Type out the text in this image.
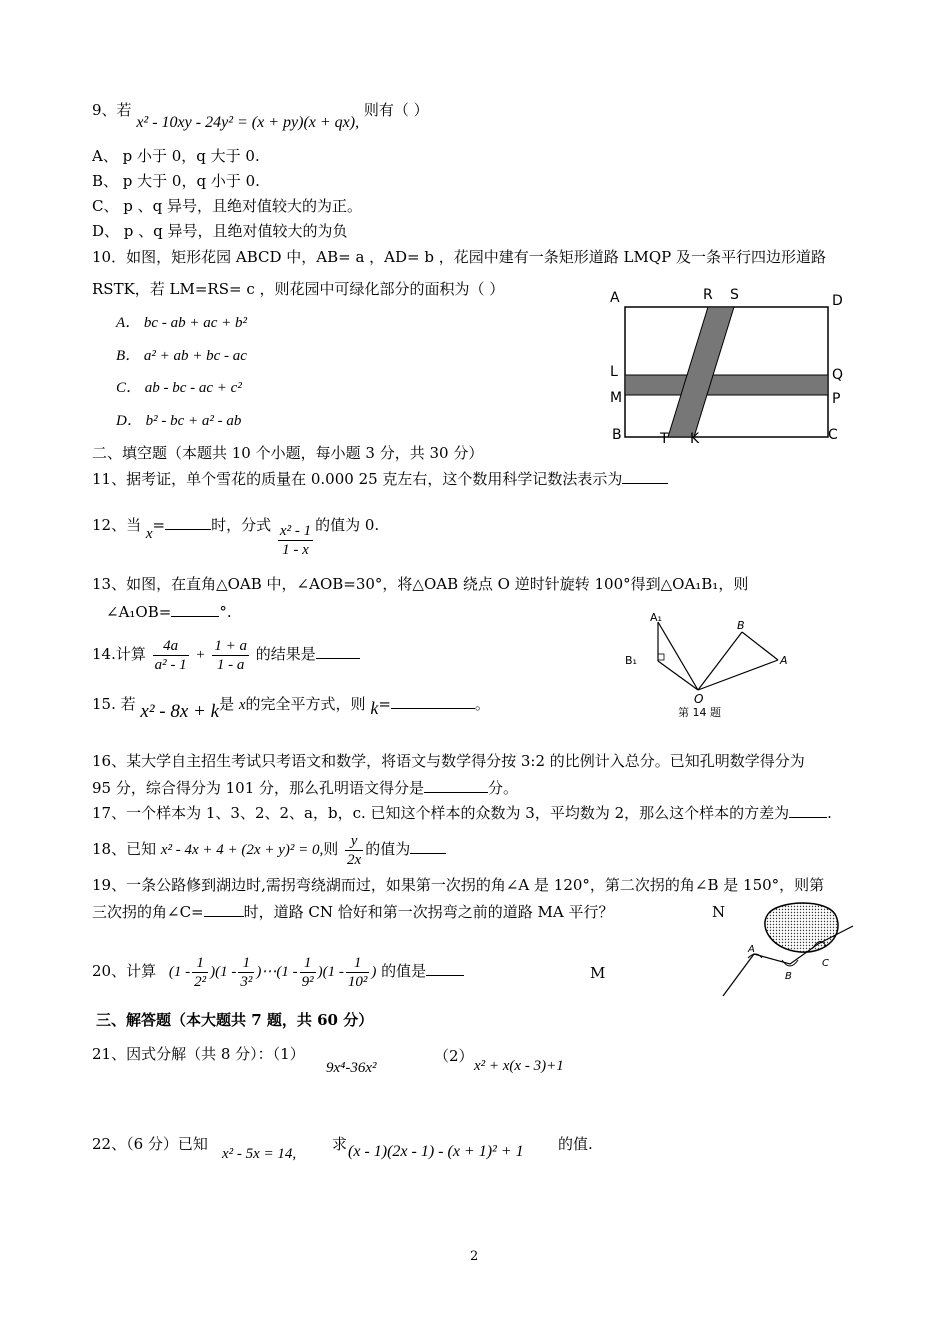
9、若 x² - 10xy - 24y² = (x + py)(x + qx), 则有（ ）
A、 p 小于 0，q 大于 0.
B、 p 大于 0，q 小于 0.
C、 p 、q 异号，且绝对值较大的为正。
D、 p 、q 异号，且绝对值较大的为负
10．如图，矩形花园 ABCD 中，AB= a ，AD= b ，花园中建有一条矩形道路 LMQP 及一条平行四边形道路
RSTK，若 LM=RS= c ，则花园中可绿化部分的面积为（ ）
A． bc - ab + ac + b²
B． a² + ab + bc - ac
C． ab - bc - ac + c²
D． b² - bc + a² - ab
A	R S	D
L	Q
M	P
B	T K	C
二、填空题（本题共 10 个小题，每小题 3 分，共 30 分）
11、据考证，单个雪花的质量在 0.000 25 克左右，这个数用科学记数法表示为
12、当 x=	时，分式 $\frac{\text{x² - 1}}{1 - x}$ 的值为 0.
13、如图，在直角△OAB 中，∠AOB=30°，将△OAB 绕点 O 逆时针旋转 100°得到△OA₁B₁，则
∠A₁OB=	°.
14.计算 $\frac{4a}{\text{a² - 1}} + \frac{1 + a}{1 - a}$ 的结果是
A₁
B
B₁	A
O
第 14 题
15. 若 x² - 8x + k是 x的完全平方式，则 k=	。
16、某大学自主招生考试只考语文和数学，将语文与数学得分按 3:2 的比例计入总分。已知孔明数学得分为
95 分，综合得分为 101 分，那么孔明语文得分是	分。
17、一个样本为 1、3、2、2、a，b，c. 已知这个样本的众数为 3，平均数为 2，那么这个样本的方差为	.
18、已知 x² - 4x + 4 + (2x + y)² = 0,则 $\frac{y}{2x}$ 的值为
19、一条公路修到湖边时,需拐弯绕湖而过，如果第一次拐的角∠A 是 120°，第二次拐的角∠B 是 150°，则第
三次拐的角∠C=	时，道路 CN 恰好和第一次拐弯之前的道路 MA 平行？	N
A
B
C
20、计算 $(1 - \frac{1}{\text{2²}} )(1 - \frac{1}{\text{3²}}$ )⋯(1 - $\frac{1}{\text{9²}} )(1 - \frac{1}{\text{10²}}$ ) 的值是	M
三、解答题（本大题共 7 题，共 60 分）
21、因式分解（共 8 分）：（1）
9x⁴-36x²
（2）
x² + x(x - 3)+1
22、（6 分）已知
x² - 5x = 14,
求 (x - 1)(2x - 1) - (x + 1)² + 1 的值.
2
